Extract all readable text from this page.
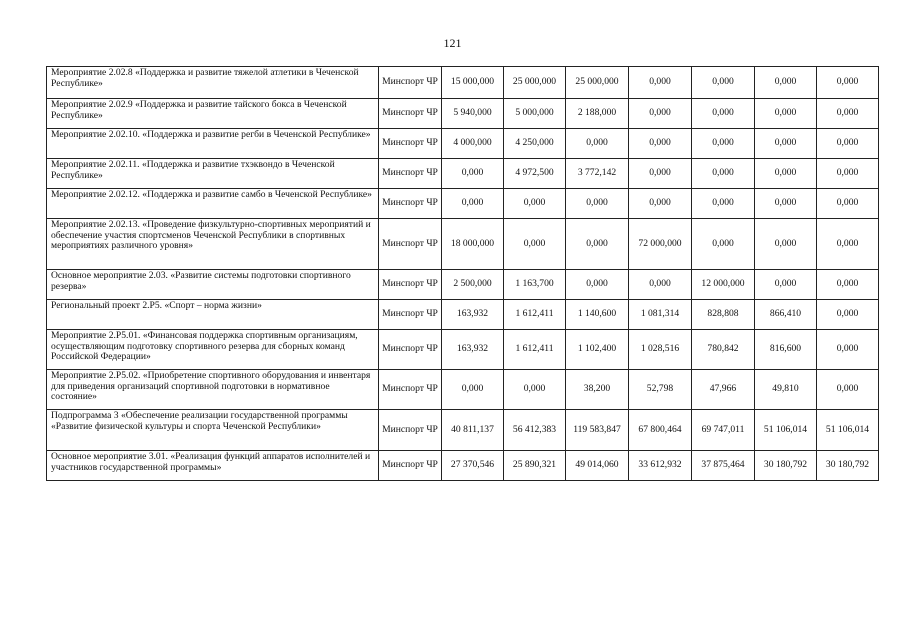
121
Мероприятие 2.02.8 «Поддержка и развитие тяжелой атлетики в Чеченской Республике»	Минспорт ЧР	15 000,000	25 000,000	25 000,000	0,000	0,000	0,000	0,000
Мероприятие 2.02.9 «Поддержка и развитие тайского бокса в Чеченской Республике»	Минспорт ЧР	5 940,000	5 000,000	2 188,000	0,000	0,000	0,000	0,000
Мероприятие 2.02.10. «Поддержка и развитие регби в Чеченской Республике»	Минспорт ЧР	4 000,000	4 250,000	0,000	0,000	0,000	0,000	0,000
Мероприятие 2.02.11. «Поддержка и развитие тхэквондо в Чеченской Республике»	Минспорт ЧР	0,000	4 972,500	3 772,142	0,000	0,000	0,000	0,000
Мероприятие 2.02.12. «Поддержка и развитие самбо в Чеченской Республике»	Минспорт ЧР	0,000	0,000	0,000	0,000	0,000	0,000	0,000
Мероприятие 2.02.13. «Проведение физкультурно-спортивных мероприятий и обеспечение участия спортсменов Чеченской Республики в спортивных мероприятиях различного уровня»	Минспорт ЧР	18 000,000	0,000	0,000	72 000,000	0,000	0,000	0,000
Основное мероприятие 2.03. «Развитие системы подготовки спортивного резерва»	Минспорт ЧР	2 500,000	1 163,700	0,000	0,000	12 000,000	0,000	0,000
Региональный проект 2.Р5. «Спорт – норма жизни»	Минспорт ЧР	163,932	1 612,411	1 140,600	1 081,314	828,808	866,410	0,000
Мероприятие 2.Р5.01. «Финансовая поддержка спортивным организациям, осуществляющим подготовку спортивного резерва для сборных команд Российской Федерации»	Минспорт ЧР	163,932	1 612,411	1 102,400	1 028,516	780,842	816,600	0,000
Мероприятие 2.Р5.02. «Приобретение спортивного оборудования и инвентаря для приведения организаций спортивной подготовки в нормативное состояние»	Минспорт ЧР	0,000	0,000	38,200	52,798	47,966	49,810	0,000
Подпрограмма 3 «Обеспечение реализации государственной программы «Развитие физической культуры и спорта Чеченской Республики»	Минспорт ЧР	40 811,137	56 412,383	119 583,847	67 800,464	69 747,011	51 106,014	51 106,014
Основное мероприятие 3.01. «Реализация функций аппаратов исполнителей и участников государственной программы»	Минспорт ЧР	27 370,546	25 890,321	49 014,060	33 612,932	37 875,464	30 180,792	30 180,792
